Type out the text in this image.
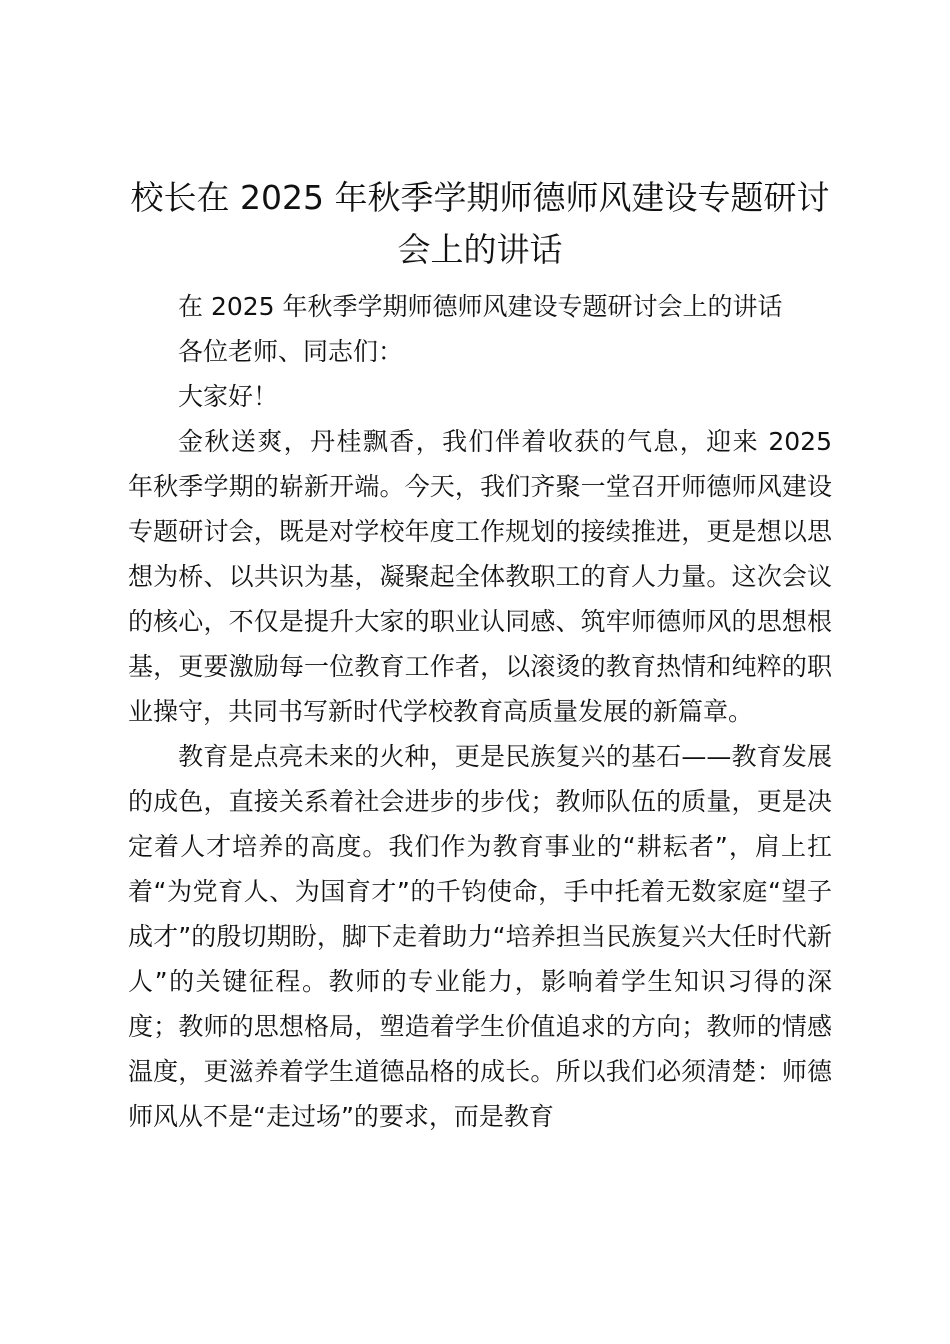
校长在 2025 年秋季学期师德师风建设专题研讨会上的讲话

在 2025 年秋季学期师德师风建设专题研讨会上的讲话

各位老师、同志们：

大家好！

金秋送爽，丹桂飘香，我们伴着收获的气息，迎来 2025 年秋季学期的崭新开端。今天，我们齐聚一堂召开师德师风建设专题研讨会，既是对学校年度工作规划的接续推进，更是想以思想为桥、以共识为基，凝聚起全体教职工的育人力量。这次会议的核心，不仅是提升大家的职业认同感、筑牢师德师风的思想根基，更要激励每一位教育工作者，以滚烫的教育热情和纯粹的职业操守，共同书写新时代学校教育高质量发展的新篇章。

教育是点亮未来的火种，更是民族复兴的基石——教育发展的成色，直接关系着社会进步的步伐；教师队伍的质量，更是决定着人才培养的高度。我们作为教育事业的“耕耘者”，肩上扛着“为党育人、为国育才”的千钧使命，手中托着无数家庭“望子成才”的殷切期盼，脚下走着助力“培养担当民族复兴大任时代新人”的关键征程。教师的专业能力，影响着学生知识习得的深度；教师的思想格局，塑造着学生价值追求的方向；教师的情感温度，更滋养着学生道德品格的成长。所以我们必须清楚：师德师风从不是“走过场”的要求，而是教育
